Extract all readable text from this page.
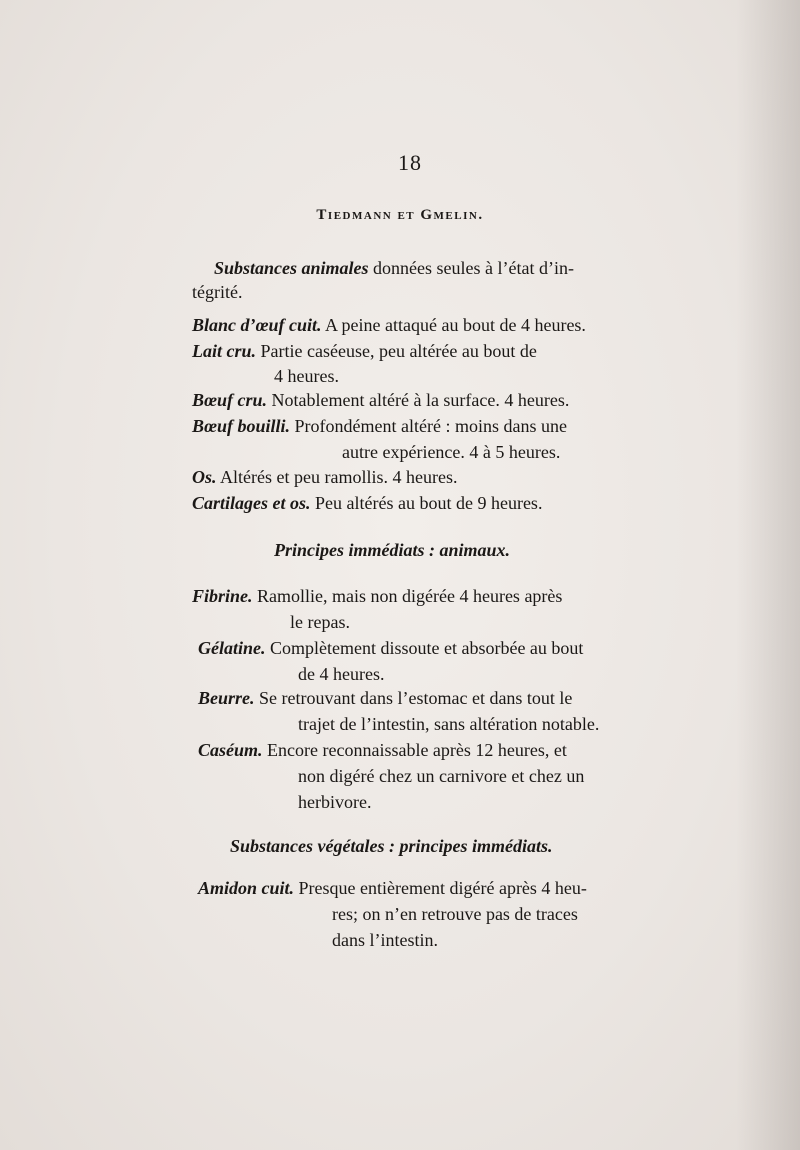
18
Tiedmann et Gmelin.
Substances animales données seules à l’état d’in-
tégrité.
Blanc d’œuf cuit. A peine attaqué au bout de 4 heures.
Lait cru. Partie caséeuse, peu altérée au bout de
4 heures.
Bœuf cru. Notablement altéré à la surface. 4 heures.
Bœuf bouilli. Profondément altéré : moins dans une
autre expérience. 4 à 5 heures.
Os. Altérés et peu ramollis. 4 heures.
Cartilages et os. Peu altérés au bout de 9 heures.
Principes immédiats : animaux.
Fibrine. Ramollie, mais non digérée 4 heures après
le repas.
Gélatine. Complètement dissoute et absorbée au bout
de 4 heures.
Beurre. Se retrouvant dans l’estomac et dans tout le
trajet de l’intestin, sans altération notable.
Caséum. Encore reconnaissable après 12 heures, et
non digéré chez un carnivore et chez un
herbivore.
Substances végétales : principes immédiats.
Amidon cuit. Presque entièrement digéré après 4 heu-
res; on n’en retrouve pas de traces
dans l’intestin.
